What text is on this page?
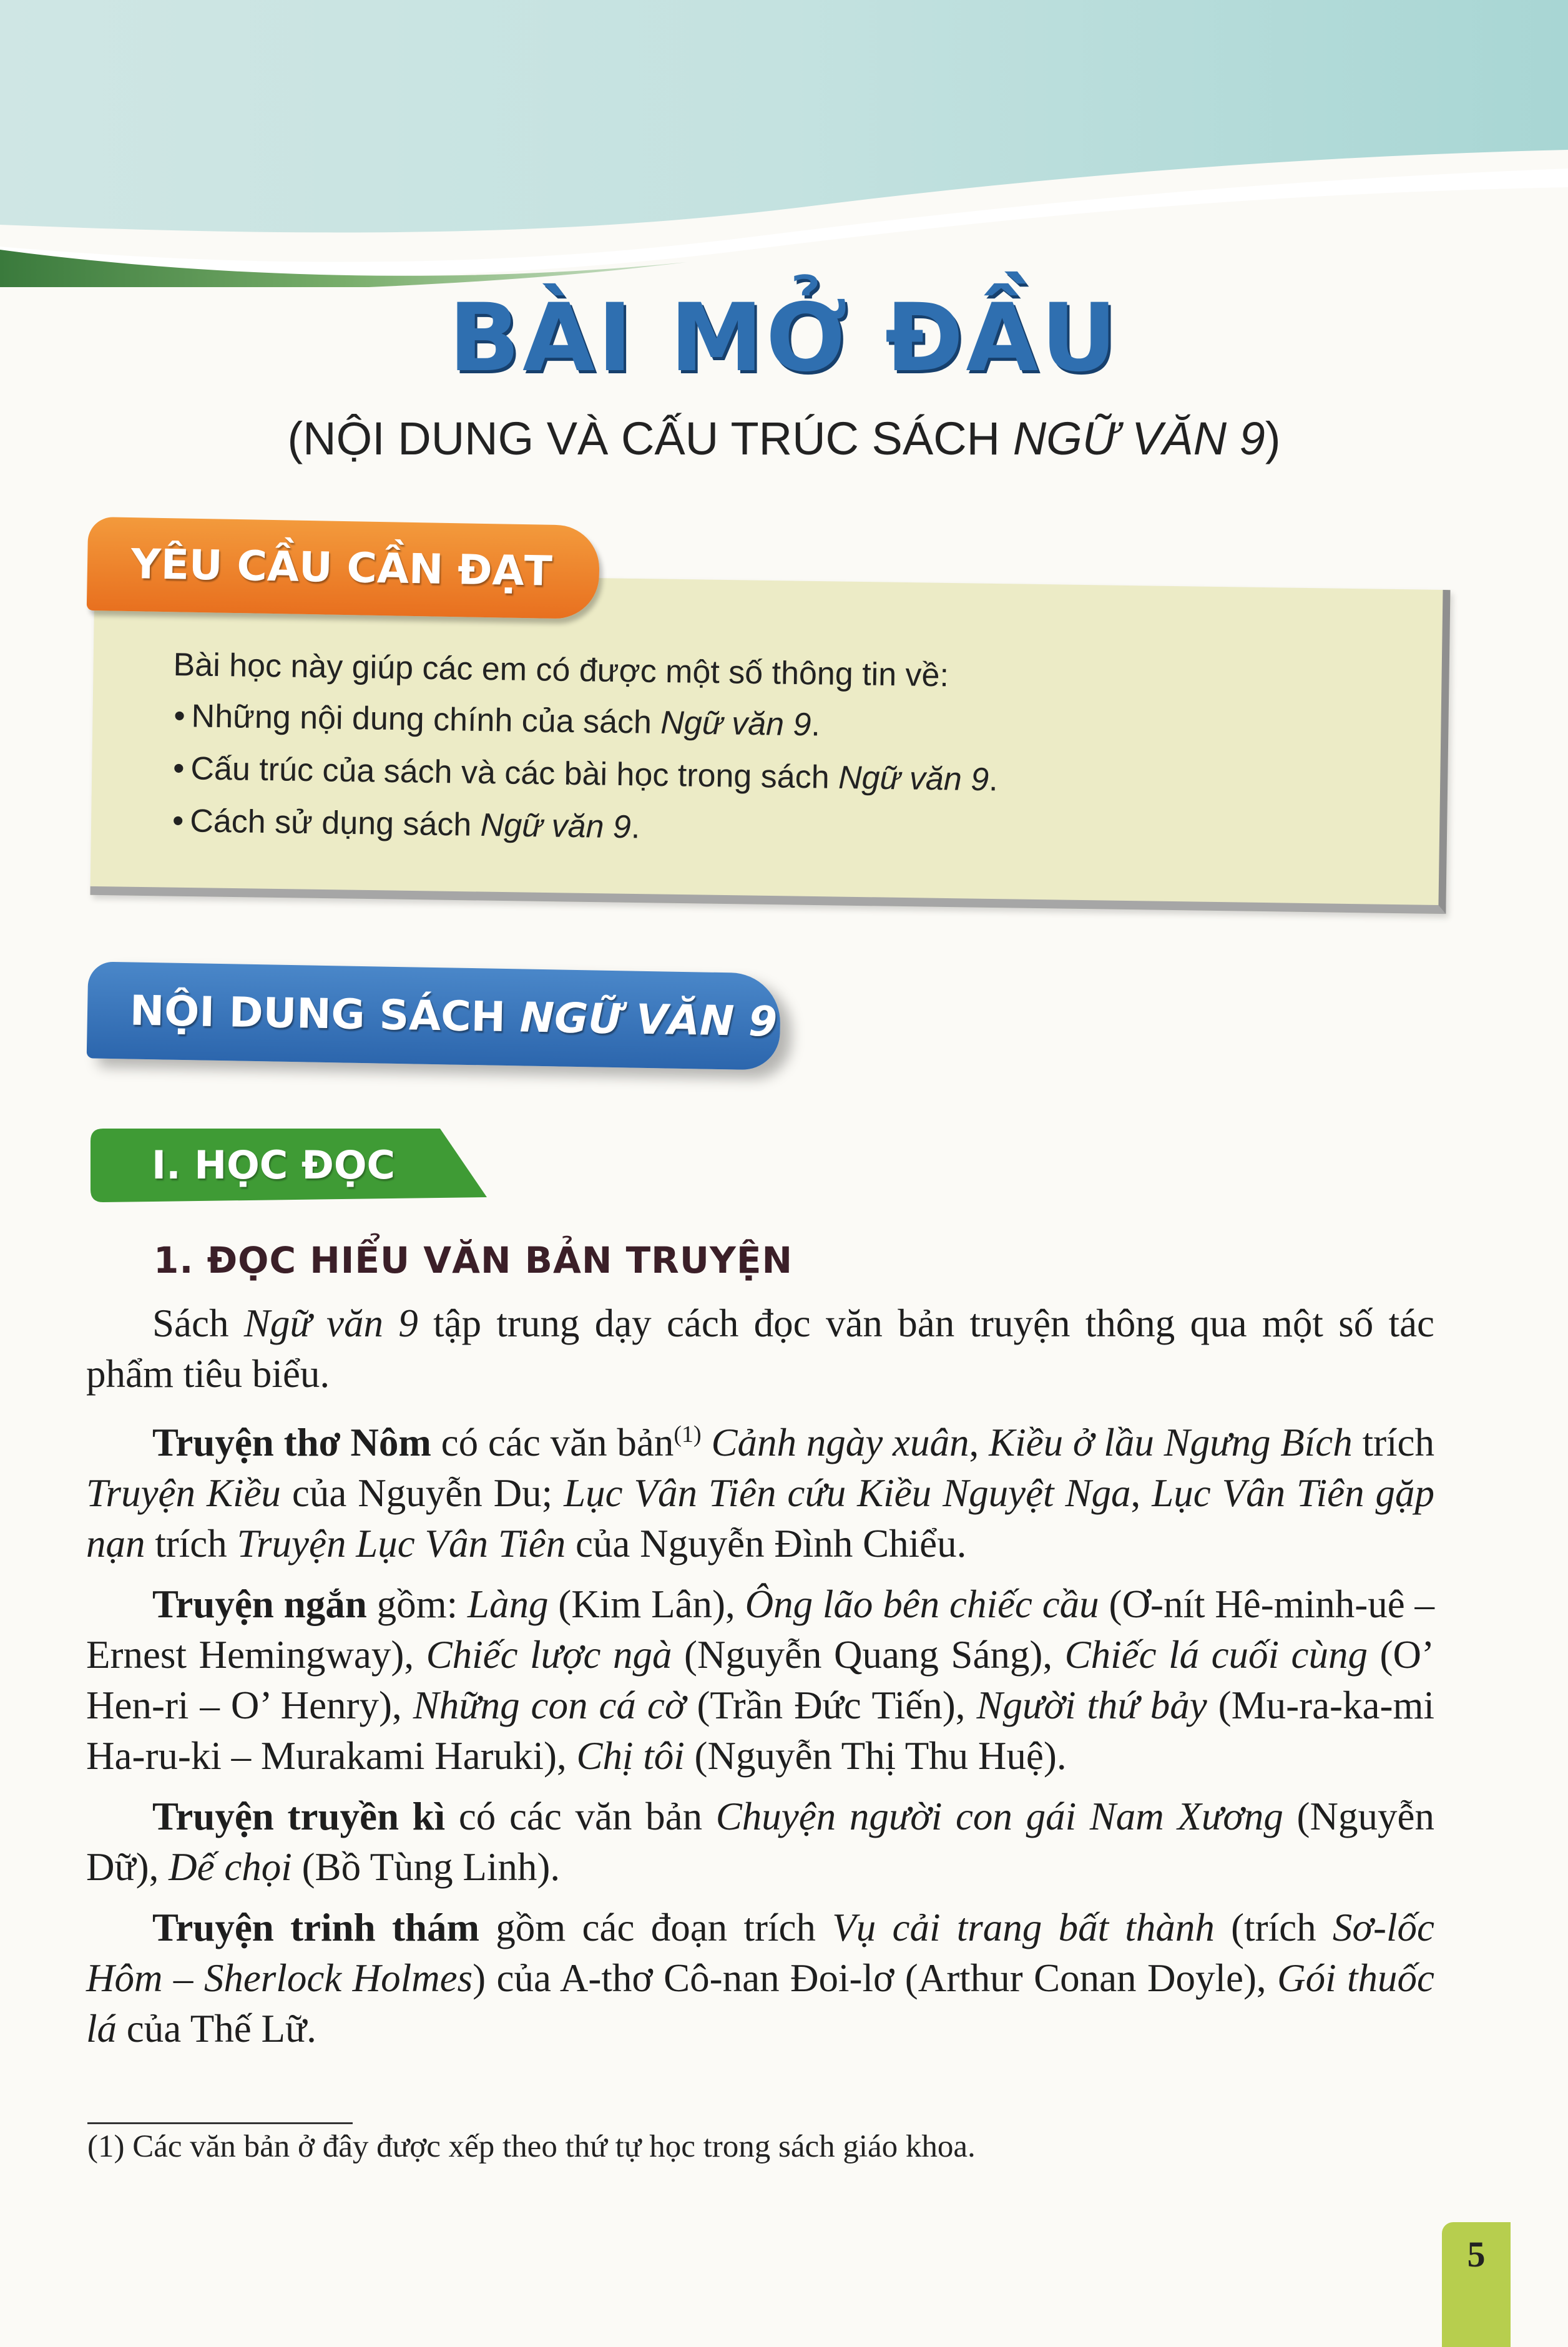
BÀI MỞ ĐẦU
(NỘI DUNG VÀ CẤU TRÚC SÁCH NGỮ VĂN 9)
YÊU CẦU CẦN ĐẠT
Bài học này giúp các em có được một số thông tin về:
• Những nội dung chính của sách Ngữ văn 9.
• Cấu trúc của sách và các bài học trong sách Ngữ văn 9.
• Cách sử dụng sách Ngữ văn 9.
NỘI DUNG SÁCH NGỮ VĂN 9
I. HỌC ĐỌC
1. ĐỌC HIỂU VĂN BẢN TRUYỆN

Sách Ngữ văn 9 tập trung dạy cách đọc văn bản truyện thông qua một số tác phẩm tiêu biểu.

Truyện thơ Nôm có các văn bản$^{(1)}$ Cảnh ngày xuân, Kiều ở lầu Ngưng Bích trích Truyện Kiều của Nguyễn Du; Lục Vân Tiên cứu Kiều Nguyệt Nga, Lục Vân Tiên gặp nạn trích Truyện Lục Vân Tiên của Nguyễn Đình Chiểu.

Truyện ngắn gồm: Làng (Kim Lân), Ông lão bên chiếc cầu (Ơ-nít Hê-minh-uê – Ernest Hemingway), Chiếc lược ngà (Nguyễn Quang Sáng), Chiếc lá cuối cùng (O’ Hen-ri – O’ Henry), Những con cá cờ (Trần Đức Tiến), Người thứ bảy (Mu-ra-ka-mi Ha-ru-ki – Murakami Haruki), Chị tôi (Nguyễn Thị Thu Huệ).

Truyện truyền kì có các văn bản Chuyện người con gái Nam Xương (Nguyễn Dữ), Dế chọi (Bồ Tùng Linh).

Truyện trinh thám gồm các đoạn trích Vụ cải trang bất thành (trích Sơ-lốc Hôm – Sherlock Holmes) của A-thơ Cô-nan Đoi-lơ (Arthur Conan Doyle), Gói thuốc lá của Thế Lữ.

(1) Các văn bản ở đây được xếp theo thứ tự học trong sách giáo khoa.
5
